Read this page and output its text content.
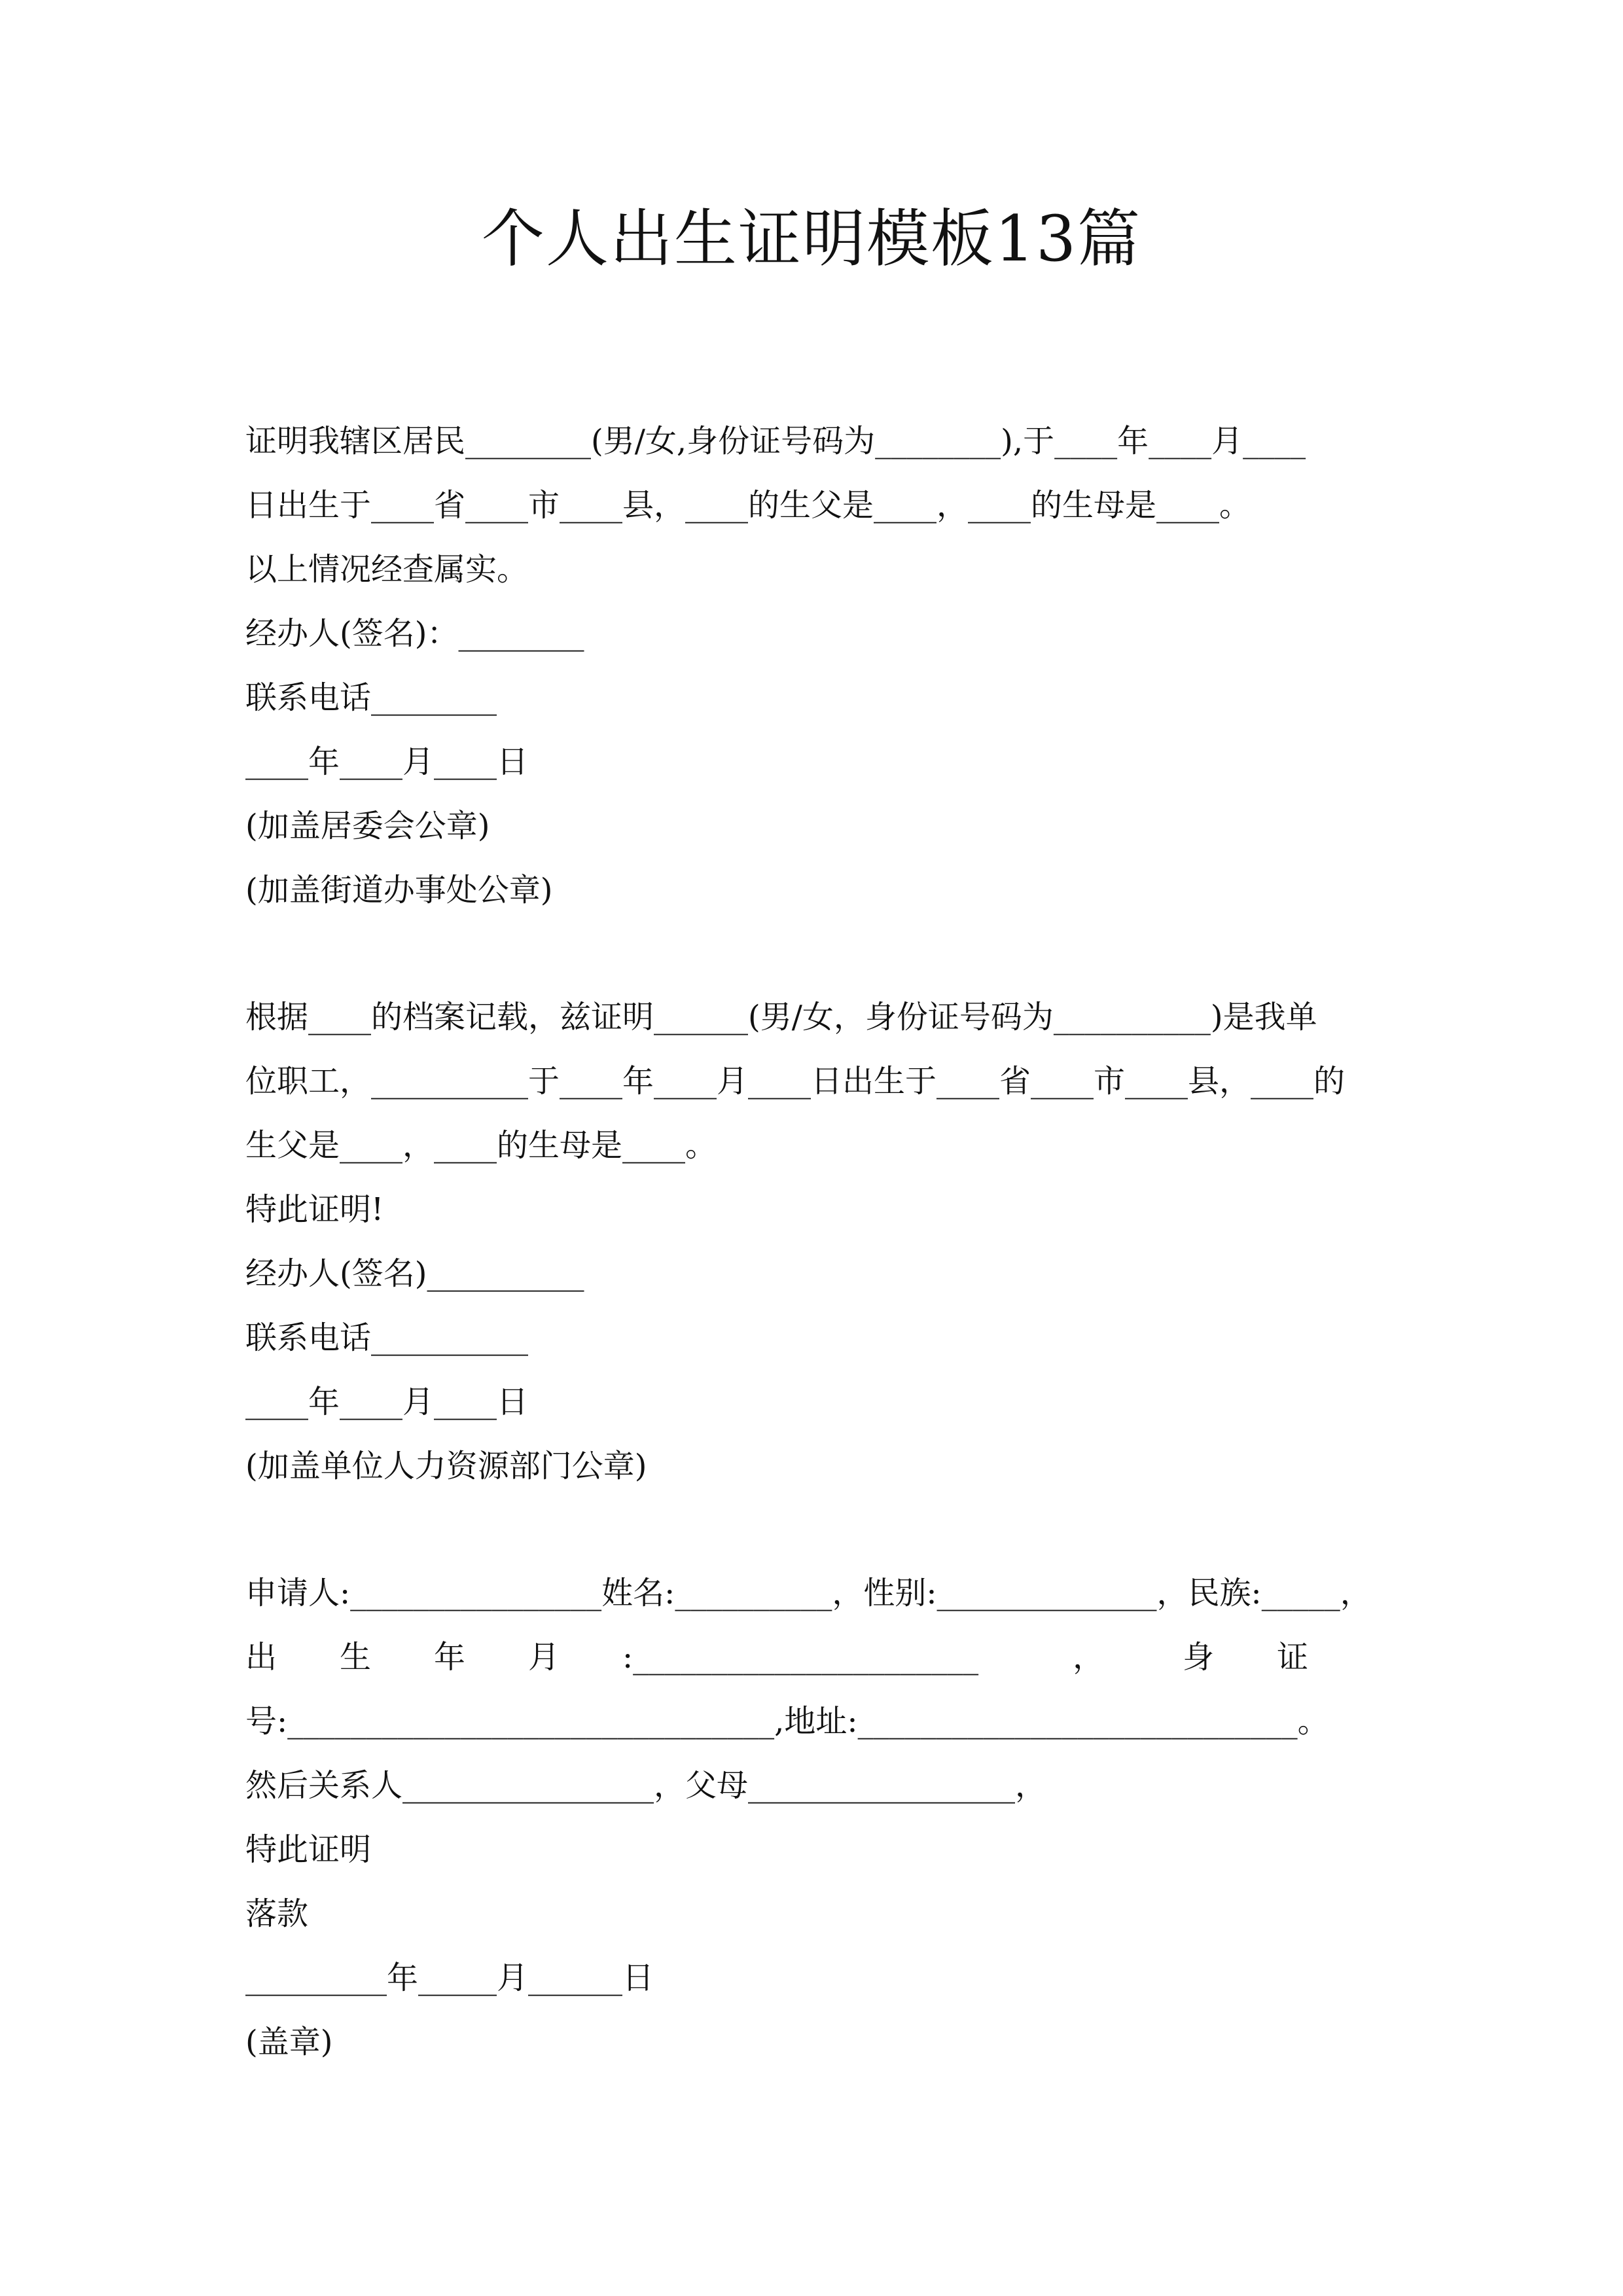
个人出生证明模板13篇
证明我辖区居民________(男/女,身份证号码为________),于____年____月____
日出生于____省____市____县，____的生父是____，____的生母是____。
以上情况经查属实。
经办人(签名)：________
联系电话________
____年____月____日
(加盖居委会公章)
(加盖街道办事处公章)
根据____的档案记载，兹证明______(男/女，身份证号码为__________)是我单
位职工，__________于____年____月____日出生于____省____市____县，____的
生父是____，____的生母是____。
特此证明!
经办人(签名)__________
联系电话__________
____年____月____日
(加盖单位人力资源部门公章)
申请人:________________姓名:__________，性别:______________，民族:_____，
出　　生　　年　　月　　:______________________　　　，　　　身　　证
号:_______________________________,地址:____________________________。
然后关系人________________，父母_________________，
特此证明
落款
_________年_____月______日
(盖章)
